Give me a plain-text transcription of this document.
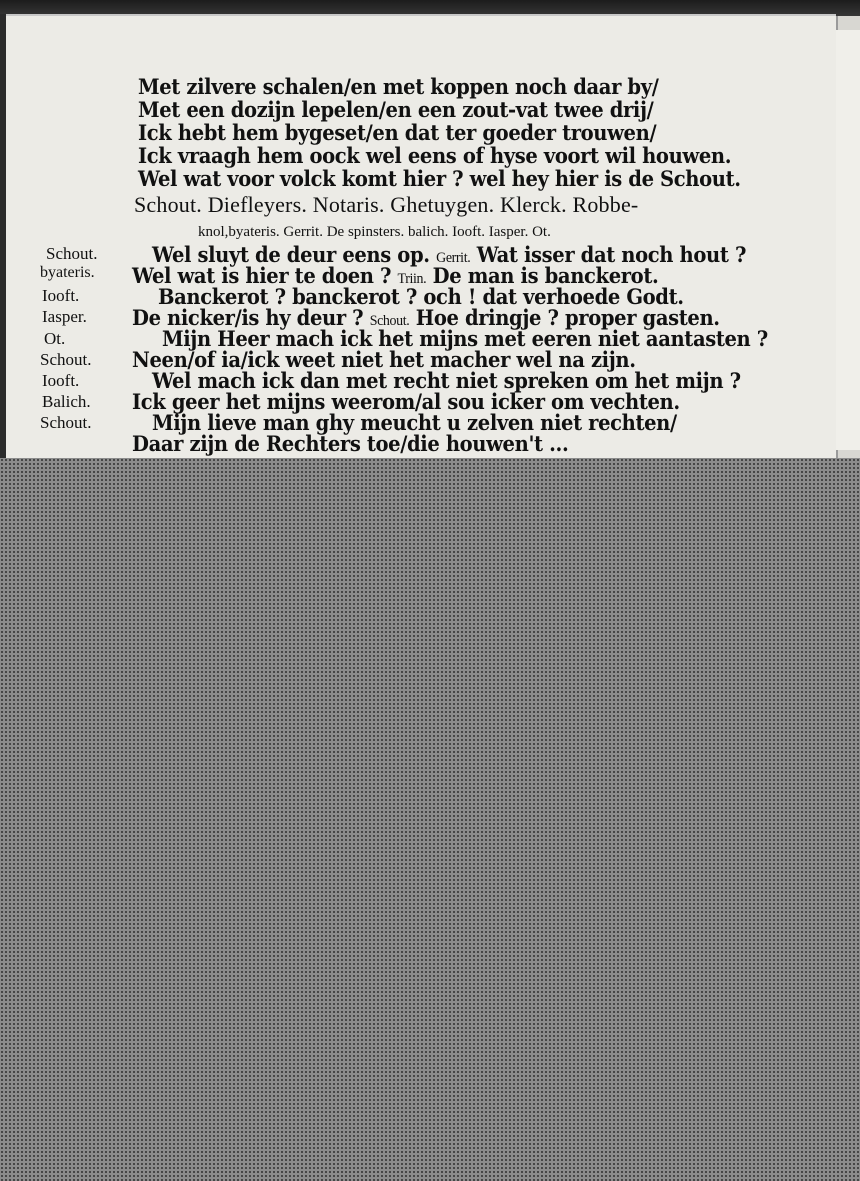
Met zilvere schalen/en met koppen noch daar by/
Met een dozijn lepelen/en een zout-vat twee drij/
Ick hebt hem bygeset/en dat ter goeder trouwen/
Ick vraagh hem oock wel eens of hyse voort wil houwen.
Wel wat voor volck komt hier ? wel hey hier is de Schout.
Schout. Diefleyers. Notaris. Ghetuygen. Klerck. Robbe-
knol,byateris. Gerrit. De spinsters. balich. Iooft. Iasper. Ot.
Schout.
byateris.
Iooft.
Iasper.
Ot.
Schout.
Iooft.
Balich.
Schout.
Wel sluyt de deur eens op. Gerrit. Wat isser dat noch hout ?
Wel wat is hier te doen ? Triin. De man is banckerot.
Banckerot ? banckerot ? och ! dat verhoede Godt.
De nicker/is hy deur ? Schout. Hoe dringje ? proper gasten.
Mijn Heer mach ick het mijns met eeren niet aantasten ?
Neen/of ia/ick weet niet het macher wel na zijn.
Wel mach ick dan met recht niet spreken om het mijn ?
Ick geer het mijns weerom/al sou icker om vechten.
Mijn lieve man ghy meucht u zelven niet rechten/
Daar zijn de Rechters toe/die houwen't ...
